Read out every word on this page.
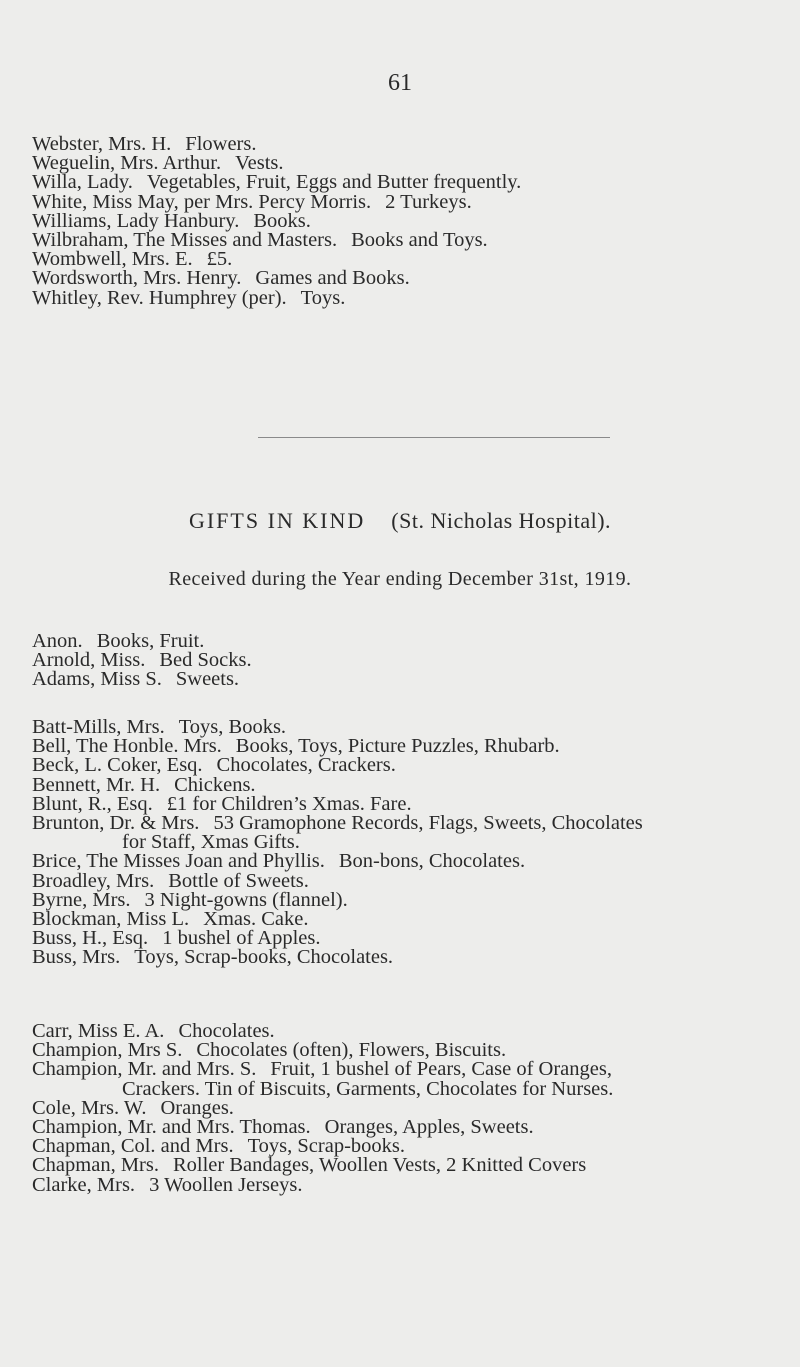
61
Webster, Mrs. H. Flowers.
Weguelin, Mrs. Arthur. Vests.
Willa, Lady. Vegetables, Fruit, Eggs and Butter frequently.
White, Miss May, per Mrs. Percy Morris. 2 Turkeys.
Williams, Lady Hanbury. Books.
Wilbraham, The Misses and Masters. Books and Toys.
Wombwell, Mrs. E. £5.
Wordsworth, Mrs. Henry. Games and Books.
Whitley, Rev. Humphrey (per). Toys.
GIFTS IN KIND (St. Nicholas Hospital).
Received during the Year ending December 31st, 1919.
Anon. Books, Fruit.
Arnold, Miss. Bed Socks.
Adams, Miss S. Sweets.
Batt-Mills, Mrs. Toys, Books.
Bell, The Honble. Mrs. Books, Toys, Picture Puzzles, Rhubarb.
Beck, L. Coker, Esq. Chocolates, Crackers.
Bennett, Mr. H. Chickens.
Blunt, R., Esq. £1 for Children’s Xmas. Fare.
Brunton, Dr. & Mrs. 53 Gramophone Records, Flags, Sweets, Chocolates
for Staff, Xmas Gifts.
Brice, The Misses Joan and Phyllis. Bon-bons, Chocolates.
Broadley, Mrs. Bottle of Sweets.
Byrne, Mrs. 3 Night-gowns (flannel).
Blockman, Miss L. Xmas. Cake.
Buss, H., Esq. 1 bushel of Apples.
Buss, Mrs. Toys, Scrap-books, Chocolates.
Carr, Miss E. A. Chocolates.
Champion, Mrs S. Chocolates (often), Flowers, Biscuits.
Champion, Mr. and Mrs. S. Fruit, 1 bushel of Pears, Case of Oranges,
Crackers. Tin of Biscuits, Garments, Chocolates for Nurses.
Cole, Mrs. W. Oranges.
Champion, Mr. and Mrs. Thomas. Oranges, Apples, Sweets.
Chapman, Col. and Mrs. Toys, Scrap-books.
Chapman, Mrs. Roller Bandages, Woollen Vests, 2 Knitted Covers
Clarke, Mrs. 3 Woollen Jerseys.
